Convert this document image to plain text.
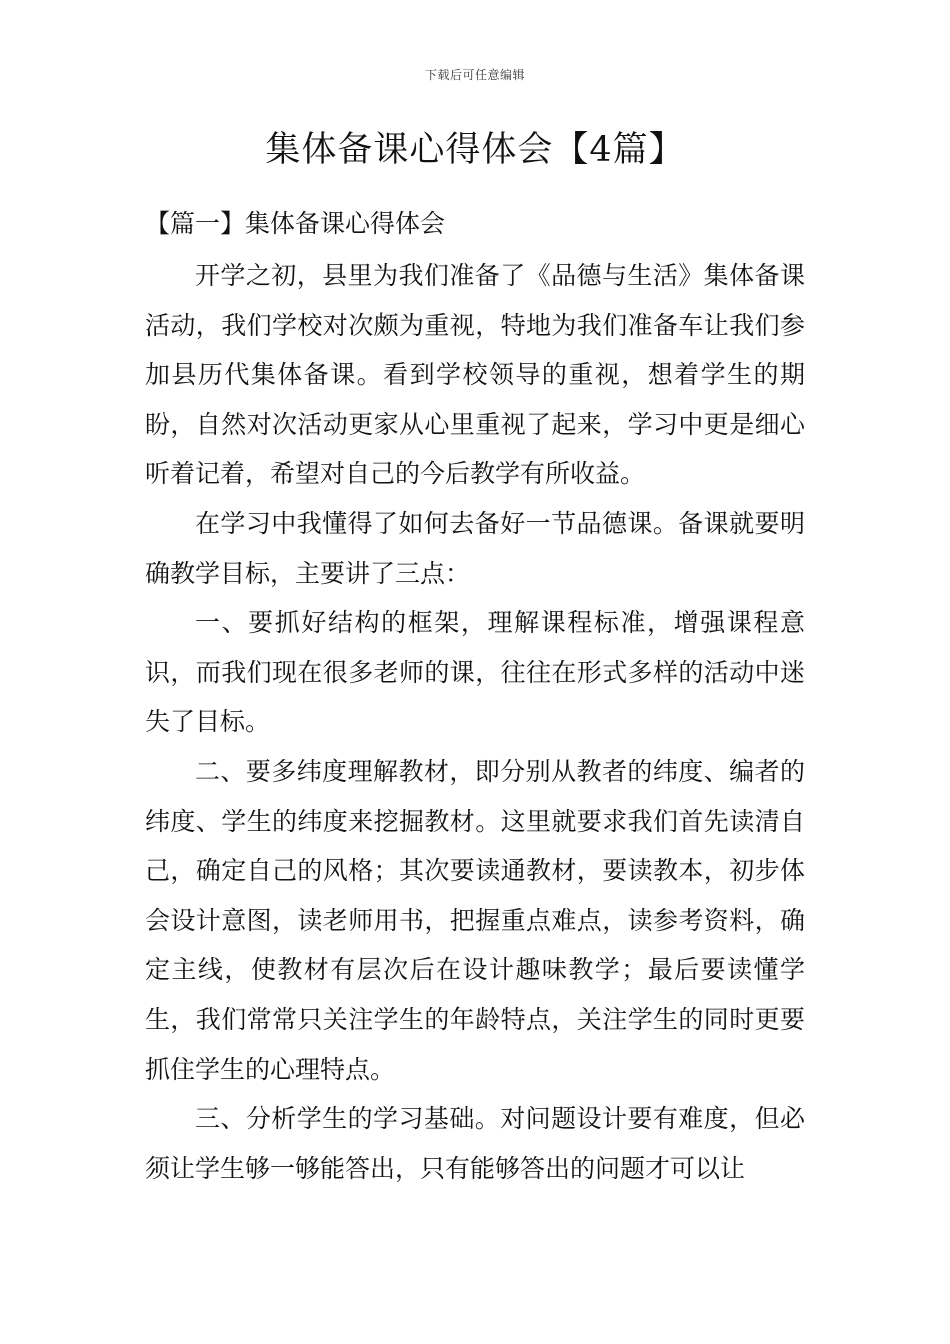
下载后可任意编辑
集体备课心得体会【4篇】
【篇一】集体备课心得体会

开学之初，县里为我们准备了《品德与生活》集体备课活动，我们学校对次颇为重视，特地为我们准备车让我们参加县历代集体备课。看到学校领导的重视，想着学生的期盼，自然对次活动更家从心里重视了起来，学习中更是细心听着记着，希望对自己的今后教学有所收益。

在学习中我懂得了如何去备好一节品德课。备课就要明确教学目标，主要讲了三点：

一、要抓好结构的框架，理解课程标准，增强课程意识，而我们现在很多老师的课，往往在形式多样的活动中迷失了目标。

二、要多纬度理解教材，即分别从教者的纬度、编者的纬度、学生的纬度来挖掘教材。这里就要求我们首先读清自己，确定自己的风格；其次要读通教材，要读教本，初步体会设计意图，读老师用书，把握重点难点，读参考资料，确定主线，使教材有层次后在设计趣味教学；最后要读懂学生，我们常常只关注学生的年龄特点，关注学生的同时更要抓住学生的心理特点。

三、分析学生的学习基础。对问题设计要有难度，但必须让学生够一够能答出，只有能够答出的问题才可以让
